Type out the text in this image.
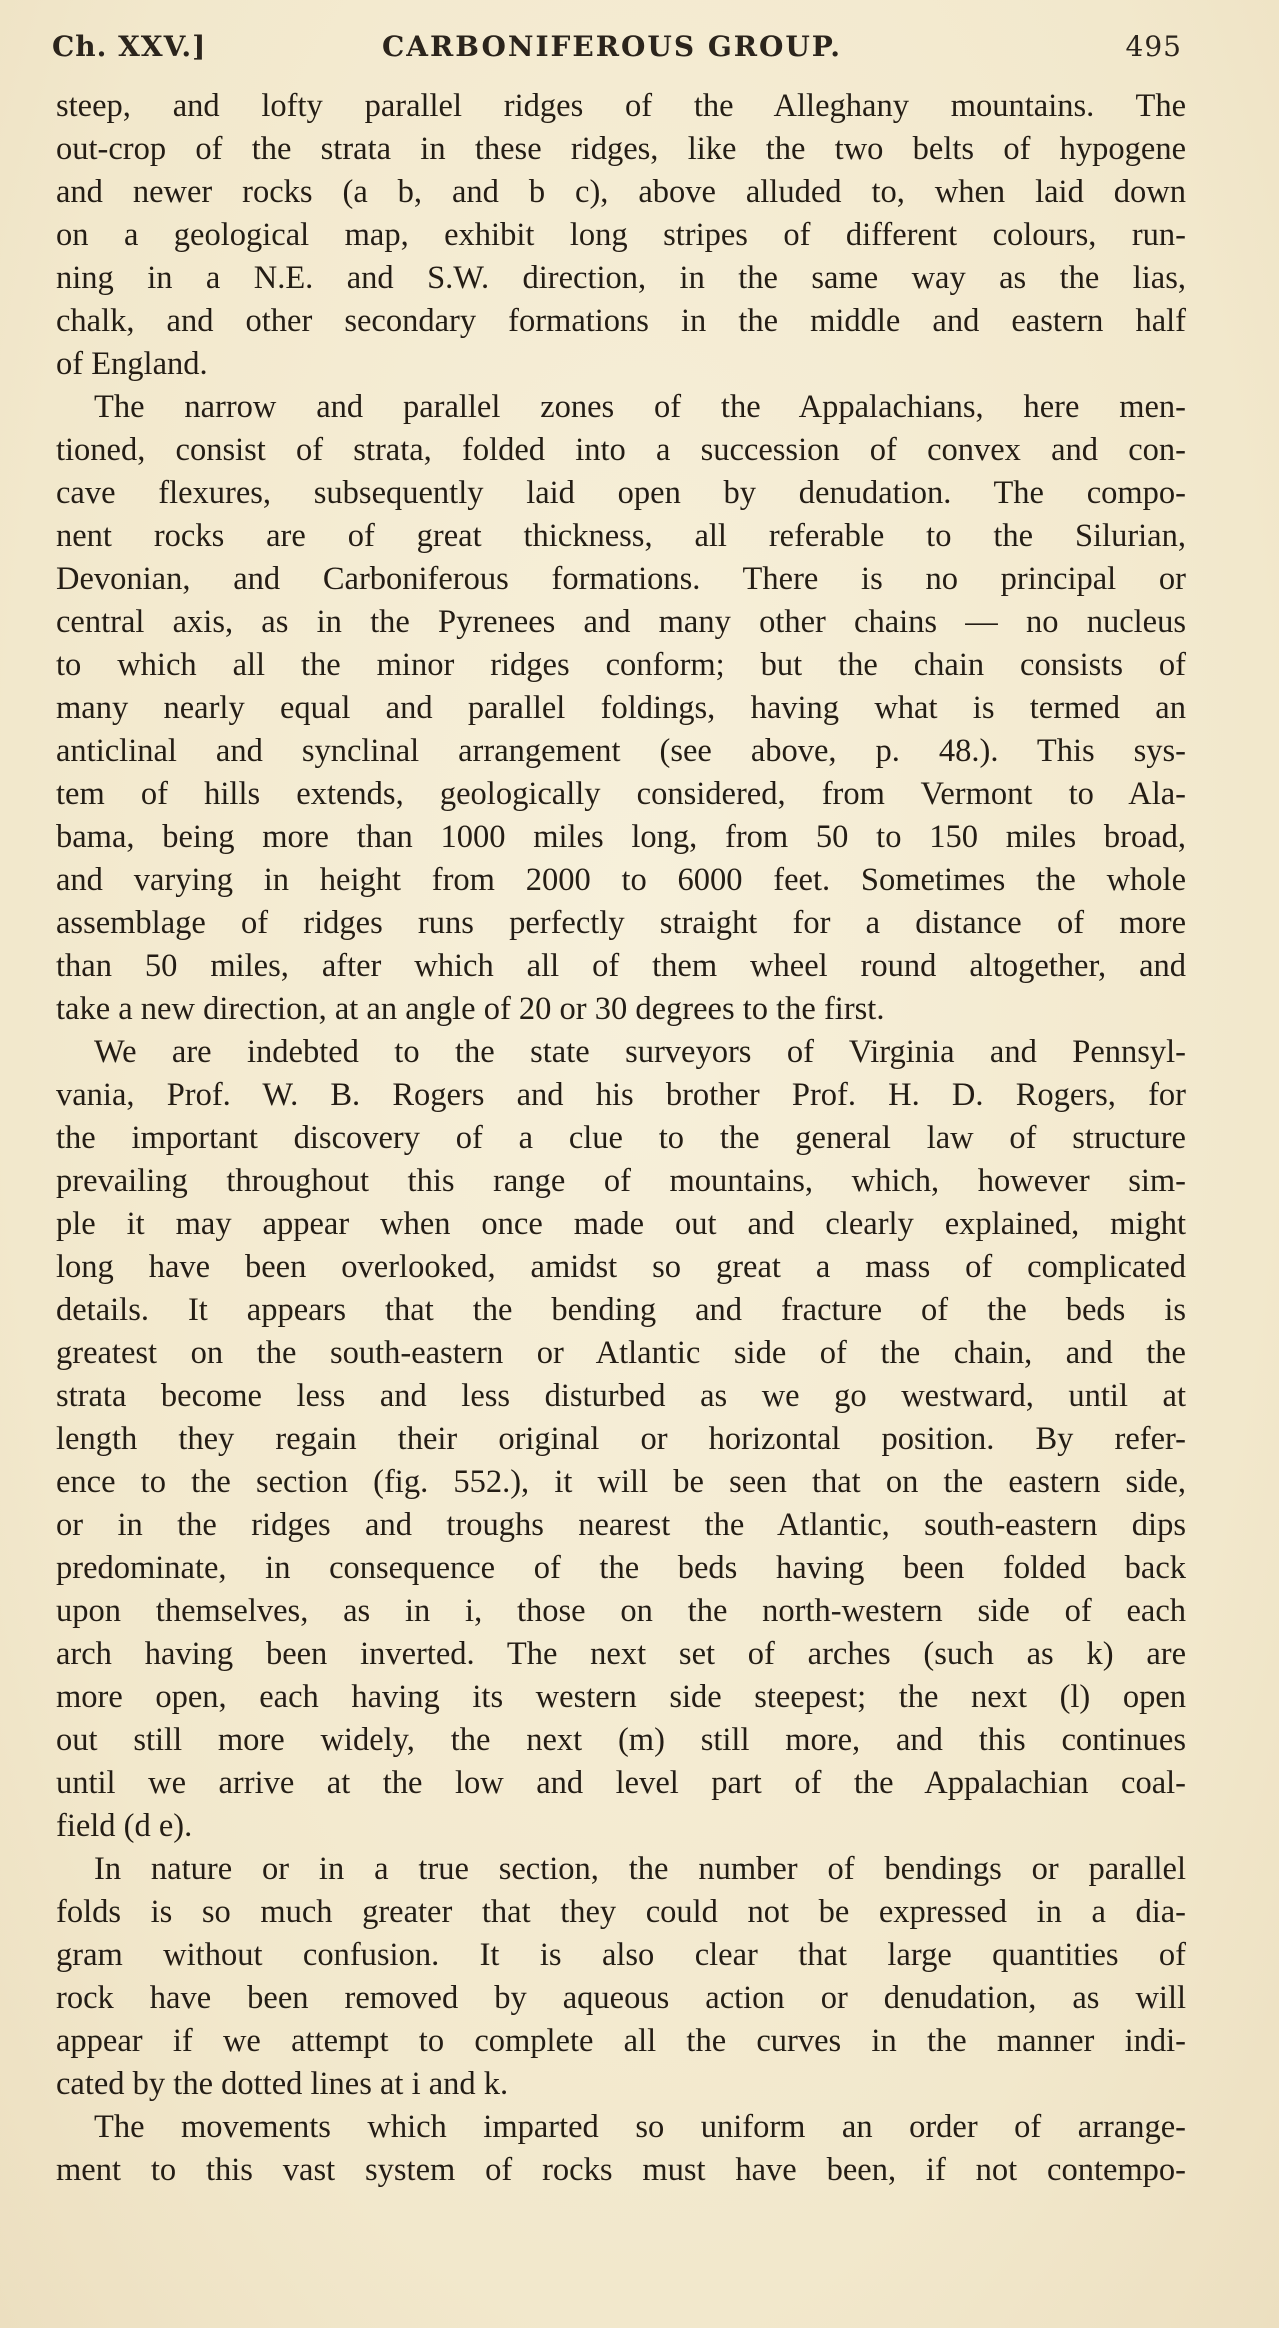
Ch. XXV.]	CARBONIFEROUS GROUP.	495
steep, and lofty parallel ridges of the Alleghany mountains. The
out-crop of the strata in these ridges, like the two belts of hypogene
and newer rocks (a b, and b c), above alluded to, when laid down
on a geological map, exhibit long stripes of different colours, run-
ning in a N.E. and S.W. direction, in the same way as the lias,
chalk, and other secondary formations in the middle and eastern half
of England.
The narrow and parallel zones of the Appalachians, here men-
tioned, consist of strata, folded into a succession of convex and con-
cave flexures, subsequently laid open by denudation. The compo-
nent rocks are of great thickness, all referable to the Silurian,
Devonian, and Carboniferous formations. There is no principal or
central axis, as in the Pyrenees and many other chains — no nucleus
to which all the minor ridges conform; but the chain consists of
many nearly equal and parallel foldings, having what is termed an
anticlinal and synclinal arrangement (see above, p. 48.). This sys-
tem of hills extends, geologically considered, from Vermont to Ala-
bama, being more than 1000 miles long, from 50 to 150 miles broad,
and varying in height from 2000 to 6000 feet. Sometimes the whole
assemblage of ridges runs perfectly straight for a distance of more
than 50 miles, after which all of them wheel round altogether, and
take a new direction, at an angle of 20 or 30 degrees to the first.
We are indebted to the state surveyors of Virginia and Pennsyl-
vania, Prof. W. B. Rogers and his brother Prof. H. D. Rogers, for
the important discovery of a clue to the general law of structure
prevailing throughout this range of mountains, which, however sim-
ple it may appear when once made out and clearly explained, might
long have been overlooked, amidst so great a mass of complicated
details. It appears that the bending and fracture of the beds is
greatest on the south-eastern or Atlantic side of the chain, and the
strata become less and less disturbed as we go westward, until at
length they regain their original or horizontal position. By refer-
ence to the section (fig. 552.), it will be seen that on the eastern side,
or in the ridges and troughs nearest the Atlantic, south-eastern dips
predominate, in consequence of the beds having been folded back
upon themselves, as in i, those on the north-western side of each
arch having been inverted. The next set of arches (such as k) are
more open, each having its western side steepest; the next (l) open
out still more widely, the next (m) still more, and this continues
until we arrive at the low and level part of the Appalachian coal-
field (d e).
In nature or in a true section, the number of bendings or parallel
folds is so much greater that they could not be expressed in a dia-
gram without confusion. It is also clear that large quantities of
rock have been removed by aqueous action or denudation, as will
appear if we attempt to complete all the curves in the manner indi-
cated by the dotted lines at i and k.
The movements which imparted so uniform an order of arrange-
ment to this vast system of rocks must have been, if not contempo-
